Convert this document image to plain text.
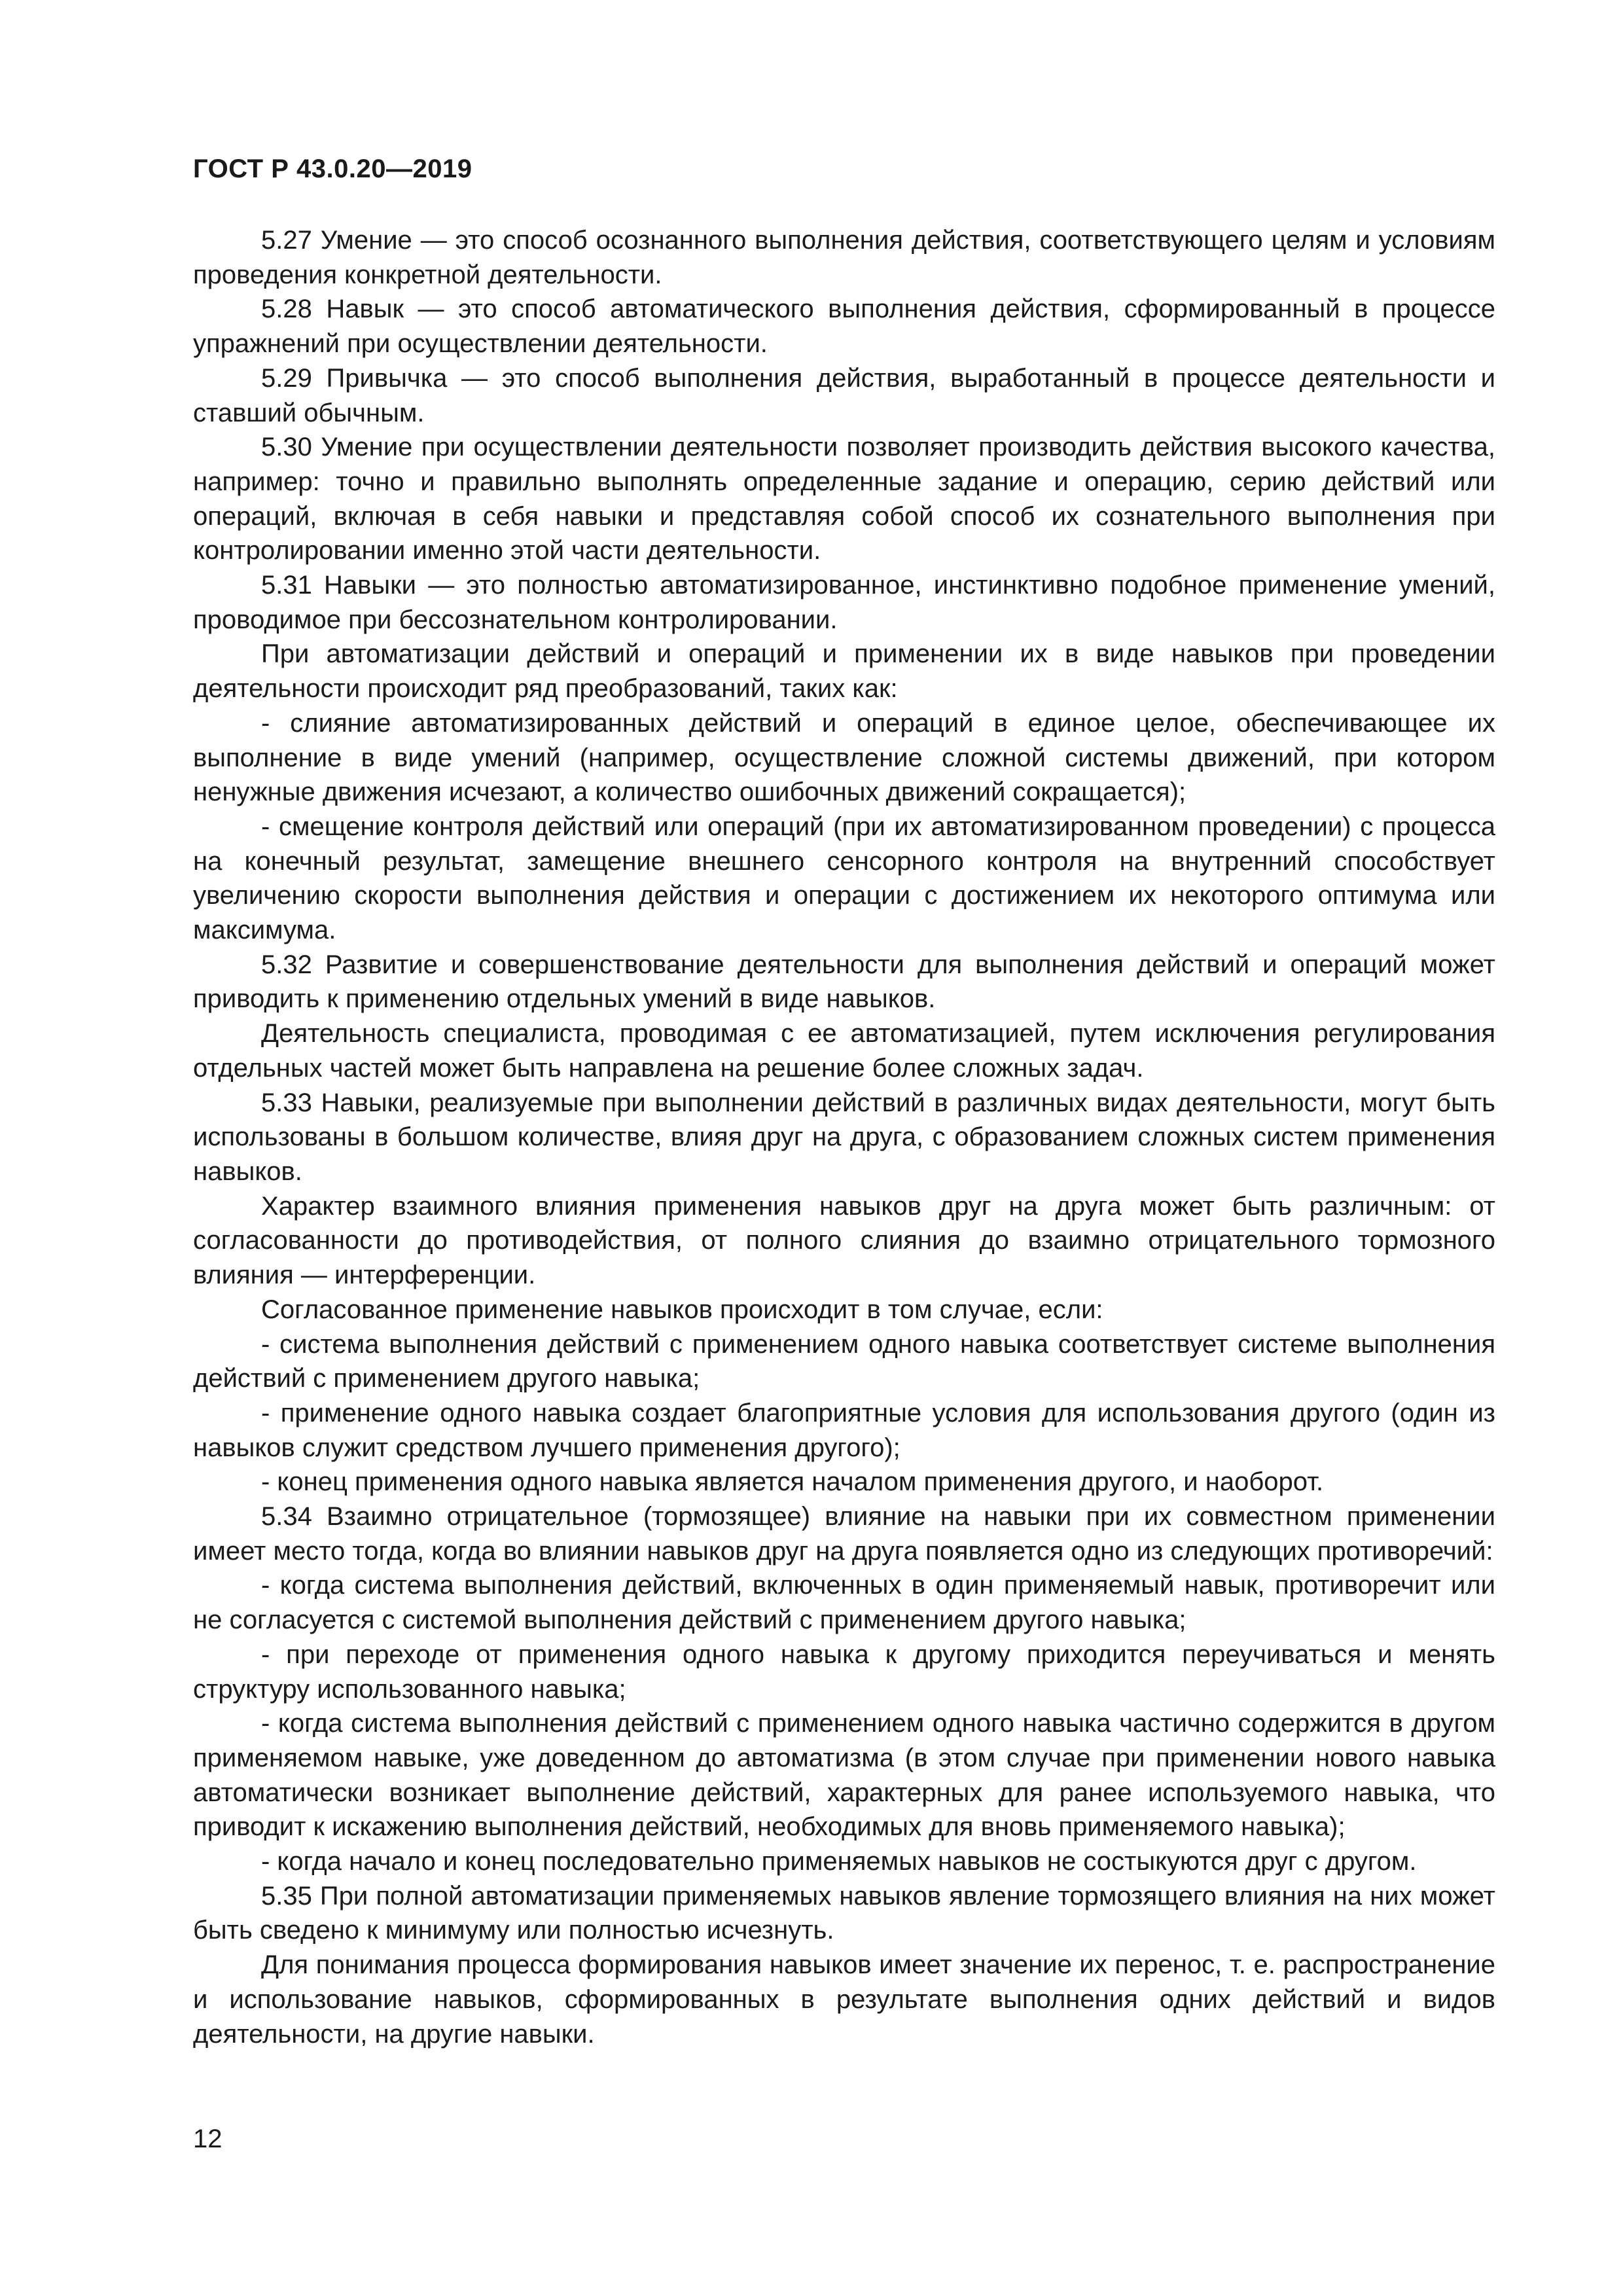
ГОСТ Р 43.0.20—2019

5.27 Умение — это способ осознанного выполнения действия, соответствующего целям и условиям проведения конкретной деятельности.

5.28 Навык — это способ автоматического выполнения действия, сформированный в процессе упражнений при осуществлении деятельности.

5.29 Привычка — это способ выполнения действия, выработанный в процессе деятельности и ставший обычным.

5.30 Умение при осуществлении деятельности позволяет производить действия высокого качества, например: точно и правильно выполнять определенные задание и операцию, серию действий или операций, включая в себя навыки и представляя собой способ их сознательного выполнения при контролировании именно этой части деятельности.

5.31 Навыки — это полностью автоматизированное, инстинктивно подобное применение умений, проводимое при бессознательном контролировании.

При автоматизации действий и операций и применении их в виде навыков при проведении деятельности происходит ряд преобразований, таких как:

- слияние автоматизированных действий и операций в единое целое, обеспечивающее их выполнение в виде умений (например, осуществление сложной системы движений, при котором ненужные движения исчезают, а количество ошибочных движений сокращается);

- смещение контроля действий или операций (при их автоматизированном проведении) с процесса на конечный результат, замещение внешнего сенсорного контроля на внутренний способствует увеличению скорости выполнения действия и операции с достижением их некоторого оптимума или максимума.

5.32 Развитие и совершенствование деятельности для выполнения действий и операций может приводить к применению отдельных умений в виде навыков.

Деятельность специалиста, проводимая с ее автоматизацией, путем исключения регулирования отдельных частей может быть направлена на решение более сложных задач.

5.33 Навыки, реализуемые при выполнении действий в различных видах деятельности, могут быть использованы в большом количестве, влияя друг на друга, с образованием сложных систем применения навыков.

Характер взаимного влияния применения навыков друг на друга может быть различным: от согласованности до противодействия, от полного слияния до взаимно отрицательного тормозного влияния — интерференции.

Согласованное применение навыков происходит в том случае, если:

- система выполнения действий с применением одного навыка соответствует системе выполнения действий с применением другого навыка;

- применение одного навыка создает благоприятные условия для использования другого (один из навыков служит средством лучшего применения другого);

- конец применения одного навыка является началом применения другого, и наоборот.

5.34 Взаимно отрицательное (тормозящее) влияние на навыки при их совместном применении имеет место тогда, когда во влиянии навыков друг на друга появляется одно из следующих противоречий:

- когда система выполнения действий, включенных в один применяемый навык, противоречит или не согласуется с системой выполнения действий с применением другого навыка;

- при переходе от применения одного навыка к другому приходится переучиваться и менять структуру использованного навыка;

- когда система выполнения действий с применением одного навыка частично содержится в другом применяемом навыке, уже доведенном до автоматизма (в этом случае при применении нового навыка автоматически возникает выполнение действий, характерных для ранее используемого навыка, что приводит к искажению выполнения действий, необходимых для вновь применяемого навыка);

- когда начало и конец последовательно применяемых навыков не состыкуются друг с другом.

5.35 При полной автоматизации применяемых навыков явление тормозящего влияния на них может быть сведено к минимуму или полностью исчезнуть.

Для понимания процесса формирования навыков имеет значение их перенос, т. е. распространение и использование навыков, сформированных в результате выполнения одних действий и видов деятельности, на другие навыки.

12
